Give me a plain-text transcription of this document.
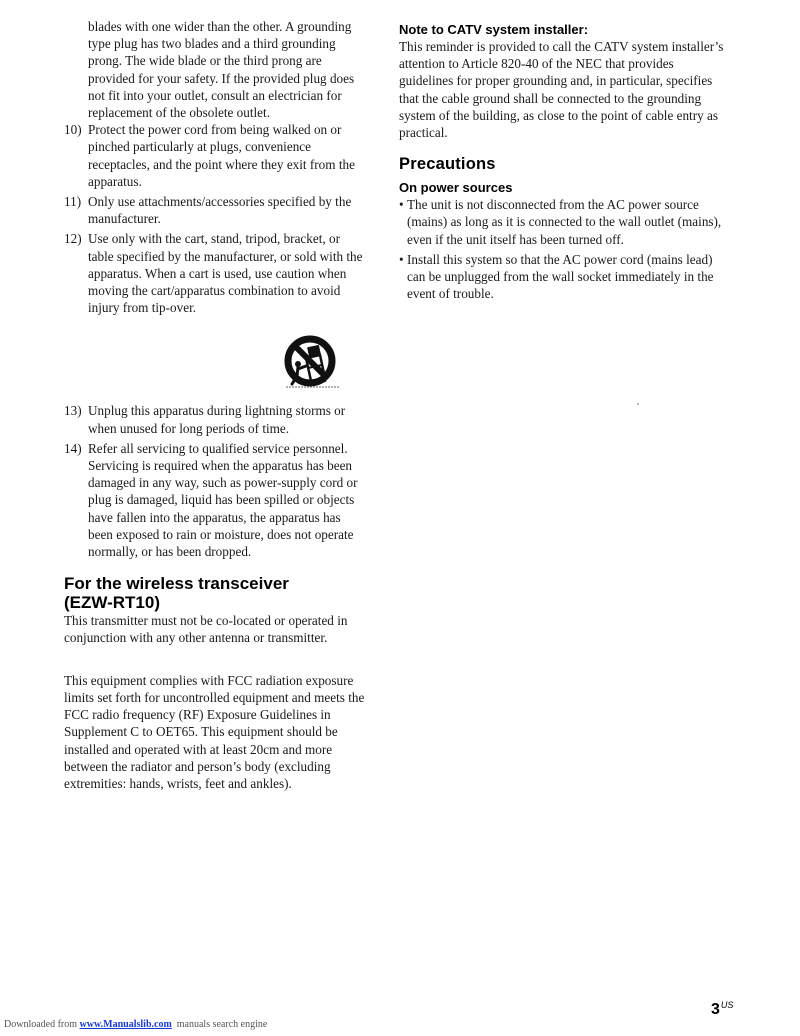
blades with one wider than the other. A grounding type plug has two blades and a third grounding prong. The wide blade or the third prong are provided for your safety. If the provided plug does not fit into your outlet, consult an electrician for replacement of the obsolete outlet.

10) Protect the power cord from being walked on or pinched particularly at plugs, convenience receptacles, and the point where they exit from the apparatus.
11) Only use attachments/accessories specified by the manufacturer.
12) Use only with the cart, stand, tripod, bracket, or table specified by the manufacturer, or sold with the apparatus. When a cart is used, use caution when moving the cart/apparatus combination to avoid injury from tip-over.
13) Unplug this apparatus during lightning storms or when unused for long periods of time.
14) Refer all servicing to qualified service personnel. Servicing is required when the apparatus has been damaged in any way, such as power-supply cord or plug is damaged, liquid has been spilled or objects have fallen into the apparatus, the apparatus has been exposed to rain or moisture, does not operate normally, or has been dropped.
For the wireless transceiver
(EZW-RT10)

This transmitter must not be co-located or operated in conjunction with any other antenna or transmitter.

This equipment complies with FCC radiation exposure limits set forth for uncontrolled equipment and meets the FCC radio frequency (RF) Exposure Guidelines in Supplement C to OET65. This equipment should be installed and operated with at least 20cm and more between the radiator and person’s body (excluding extremities: hands, wrists, feet and ankles).

Note to CATV system installer:

This reminder is provided to call the CATV system installer’s attention to Article 820-40 of the NEC that provides guidelines for proper grounding and, in particular, specifies that the cable ground shall be connected to the grounding system of the building, as close to the point of cable entry as practical.

Precautions
On power sources
• The unit is not disconnected from the AC power source (mains) as long as it is connected to the wall outlet (mains), even if the unit itself has been turned off.
• Install this system so that the AC power cord (mains lead) can be unplugged from the wall socket immediately in the event of trouble.
$3^{US}$
Downloaded from www.Manualslib.com  manuals search engine
